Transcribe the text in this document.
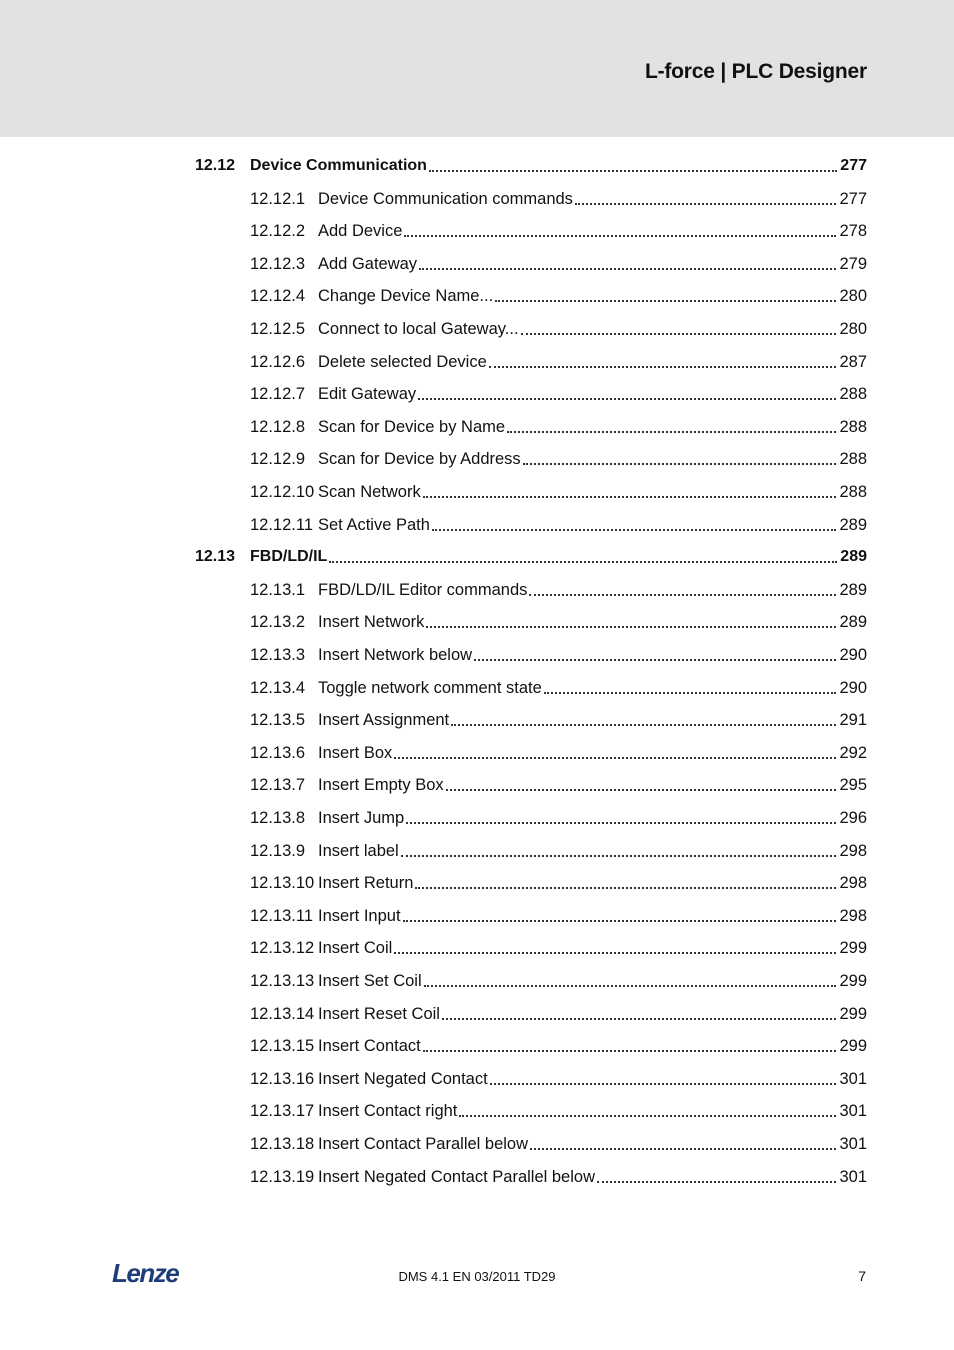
L-force | PLC Designer
12.12 Device Communication	277
12.12.1 Device Communication commands	277
12.12.2 Add Device	278
12.12.3 Add Gateway	279
12.12.4 Change Device Name...	280
12.12.5 Connect to local Gateway...	280
12.12.6 Delete selected Device	287
12.12.7 Edit Gateway	288
12.12.8 Scan for Device by Name	288
12.12.9 Scan for Device by Address	288
12.12.10 Scan Network	288
12.12.11 Set Active Path	289
12.13 FBD/LD/IL	289
12.13.1 FBD/LD/IL Editor commands	289
12.13.2 Insert Network	289
12.13.3 Insert Network below	290
12.13.4 Toggle network comment state	290
12.13.5 Insert Assignment	291
12.13.6 Insert Box	292
12.13.7 Insert Empty Box	295
12.13.8 Insert Jump	296
12.13.9 Insert label	298
12.13.10 Insert Return	298
12.13.11 Insert Input	298
12.13.12 Insert Coil	299
12.13.13 Insert Set Coil	299
12.13.14 Insert Reset Coil	299
12.13.15 Insert Contact	299
12.13.16 Insert Negated Contact	301
12.13.17 Insert Contact right	301
12.13.18 Insert Contact Parallel below	301
12.13.19 Insert Negated Contact Parallel below	301
Lenze	DMS 4.1 EN 03/2011 TD29	7
